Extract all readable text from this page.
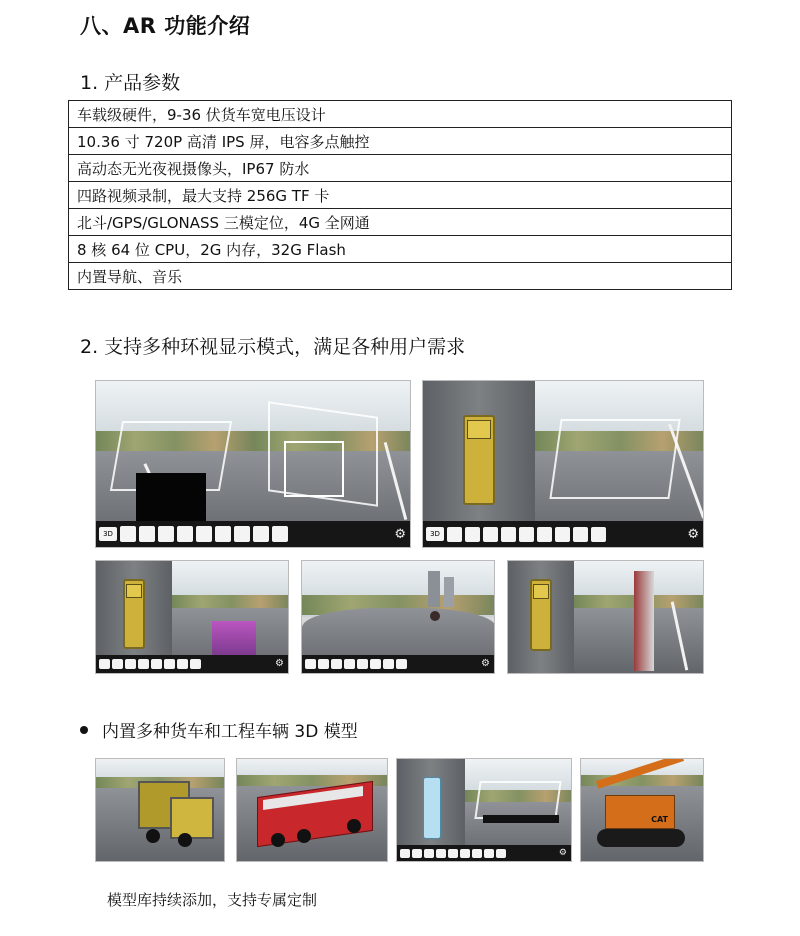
八、AR 功能介绍
1. 产品参数
车载级硬件，9-36 伏货车宽电压设计
10.36 寸 720P 高清 IPS 屏，电容多点触控
高动态无光夜视摄像头，IP67 防水
四路视频录制，最大支持 256G TF 卡
北斗/GPS/GLONASS 三模定位，4G 全网通
8 核 64 位 CPU，2G 内存，32G Flash
内置导航、音乐
2. 支持多种环视显示模式，满足各种用户需求
3D	⚙	3D	⚙
⚙	⚙
内置多种货车和工程车辆 3D 模型
⚙
CAT
模型库持续添加，支持专属定制
